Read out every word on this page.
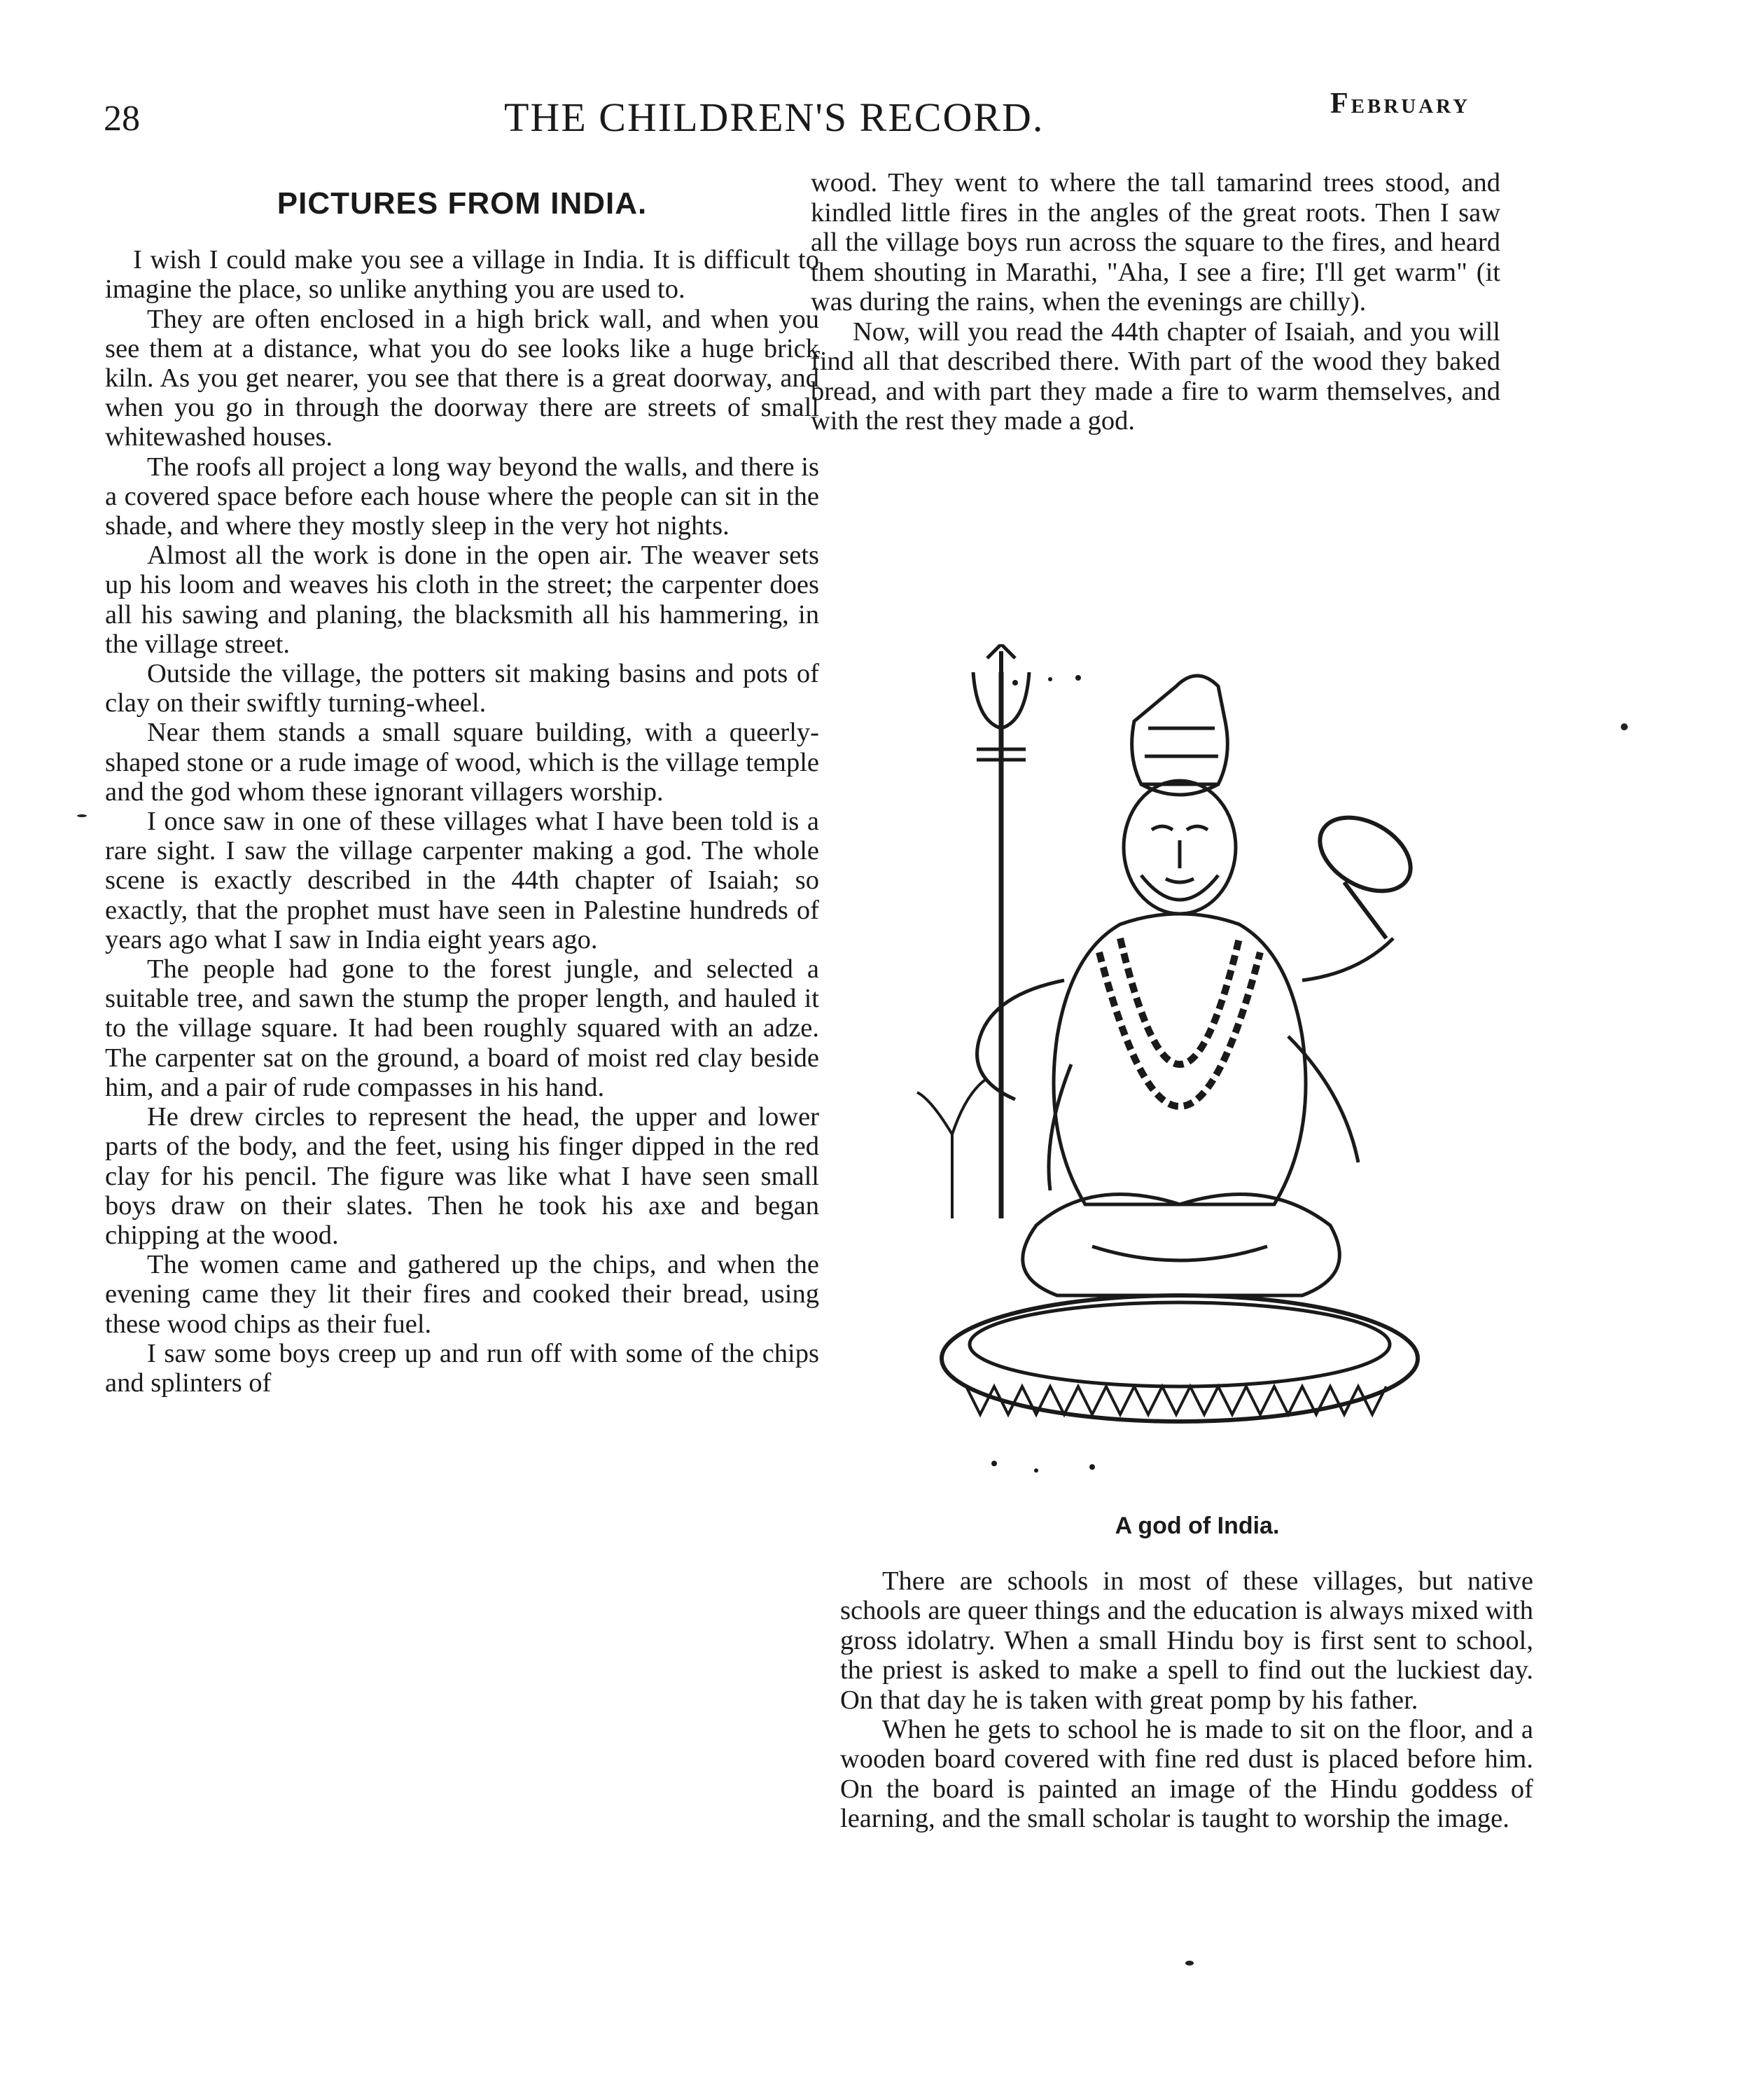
28	THE CHILDREN'S RECORD.	February
PICTURES FROM INDIA.

I wish I could make you see a village in India. It is difficult to imagine the place, so unlike anything you are used to.

They are often enclosed in a high brick wall, and when you see them at a distance, what you do see looks like a huge brick kiln. As you get nearer, you see that there is a great doorway, and when you go in through the doorway there are streets of small whitewashed houses.

The roofs all project a long way beyond the walls, and there is a covered space before each house where the people can sit in the shade, and where they mostly sleep in the very hot nights.

Almost all the work is done in the open air. The weaver sets up his loom and weaves his cloth in the street; the carpenter does all his sawing and planing, the blacksmith all his hammering, in the village street.

Outside the village, the potters sit making basins and pots of clay on their swiftly turning-wheel.

Near them stands a small square building, with a queerly-shaped stone or a rude image of wood, which is the village temple and the god whom these ignorant villagers worship.

I once saw in one of these villages what I have been told is a rare sight. I saw the village carpenter making a god. The whole scene is exactly described in the 44th chapter of Isaiah; so exactly, that the prophet must have seen in Palestine hundreds of years ago what I saw in India eight years ago.

The people had gone to the forest jungle, and selected a suitable tree, and sawn the stump the proper length, and hauled it to the village square. It had been roughly squared with an adze. The carpenter sat on the ground, a board of moist red clay beside him, and a pair of rude compasses in his hand.

He drew circles to represent the head, the upper and lower parts of the body, and the feet, using his finger dipped in the red clay for his pencil. The figure was like what I have seen small boys draw on their slates. Then he took his axe and began chipping at the wood.

The women came and gathered up the chips, and when the evening came they lit their fires and cooked their bread, using these wood chips as their fuel.

I saw some boys creep up and run off with some of the chips and splinters of

wood. They went to where the tall tamarind trees stood, and kindled little fires in the angles of the great roots. Then I saw all the village boys run across the square to the fires, and heard them shouting in Marathi, "Aha, I see a fire; I'll get warm" (it was during the rains, when the evenings are chilly).

Now, will you read the 44th chapter of Isaiah, and you will find all that described there. With part of the wood they baked bread, and with part they made a fire to warm themselves, and with the rest they made a god.

A god of India.

There are schools in most of these villages, but native schools are queer things and the education is always mixed with gross idolatry. When a small Hindu boy is first sent to school, the priest is asked to make a spell to find out the luckiest day. On that day he is taken with great pomp by his father.

When he gets to school he is made to sit on the floor, and a wooden board covered with fine red dust is placed before him. On the board is painted an image of the Hindu goddess of learning, and the small scholar is taught to worship the image.
